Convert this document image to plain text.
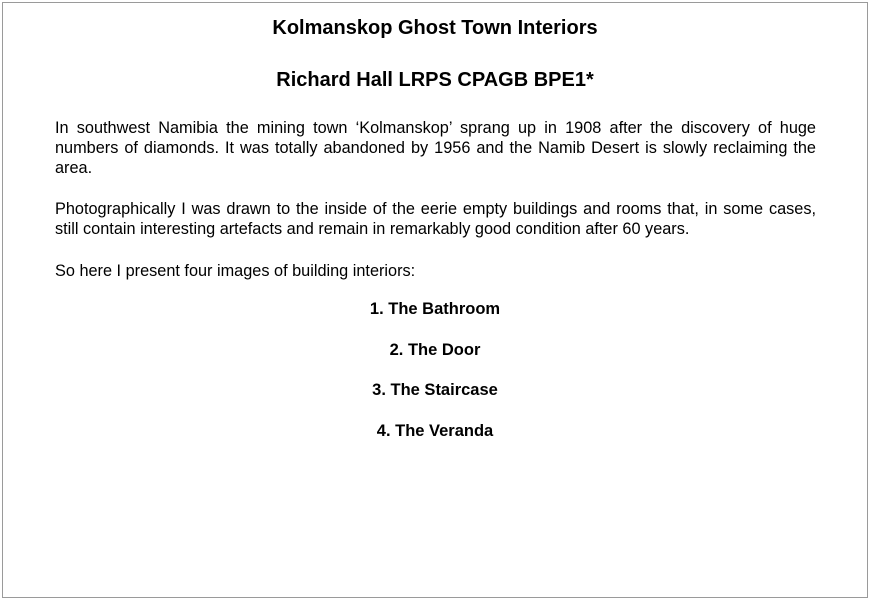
Kolmanskop Ghost Town Interiors
Richard Hall LRPS CPAGB BPE1*

In southwest Namibia the mining town ‘Kolmanskop’ sprang up in 1908 after the discovery of huge numbers of diamonds. It was totally abandoned by 1956 and the Namib Desert is slowly reclaiming the area.

Photographically I was drawn to the inside of the eerie empty buildings and rooms that, in some cases, still contain interesting artefacts and remain in remarkably good condition after 60 years.

So here I present four images of building interiors:

1. The Bathroom
2. The Door
3. The Staircase
4. The Veranda
